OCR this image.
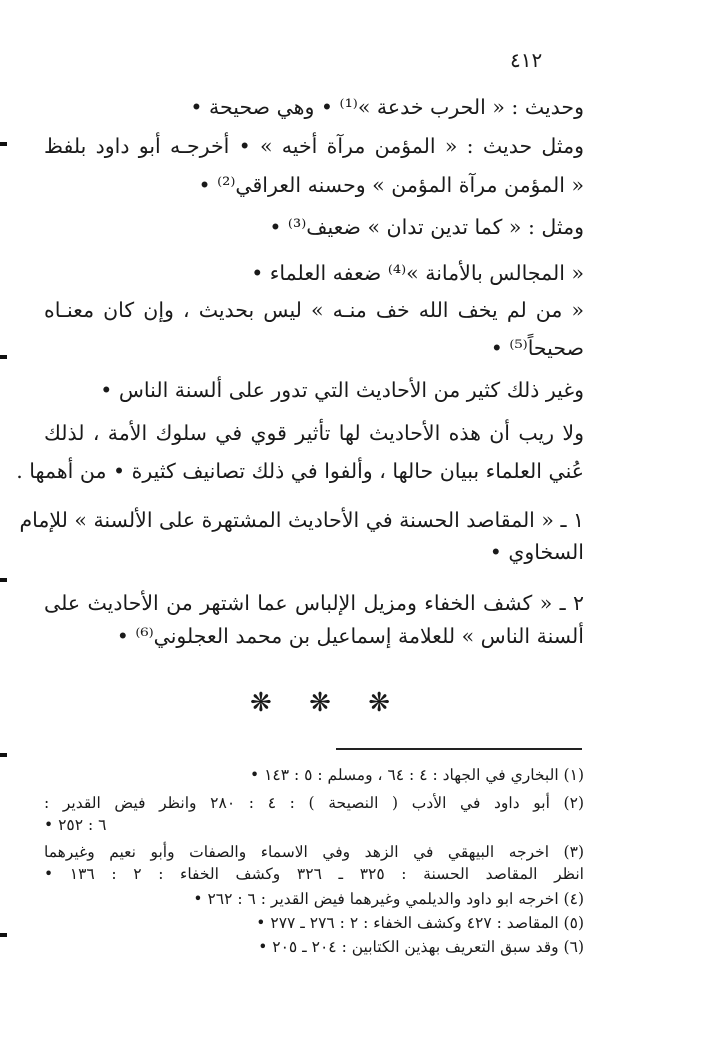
٤١٢
وحديث : « الحرب خدعة »⁽¹⁾ • وهي صحيحة •
ومثل حديث : « المؤمن مرآة أخيه » • أخرجـه أبو داود بلفظ
« المؤمن مرآة المؤمن » وحسنه العراقي⁽²⁾ •
ومثل : « كما تدين تدان » ضعيف⁽³⁾ •
« المجالس بالأمانة »⁽⁴⁾ ضعفه العلماء •
« من لم يخف الله خف منـه » ليس بحديث ، وإن كان معنـاه
صحيحاً⁽⁵⁾ •
وغير ذلك كثير من الأحاديث التي تدور على ألسنة الناس •
ولا ريب أن هذه الأحاديث لها تأثير قوي في سلوك الأمة ، لذلك
عُني العلماء ببيان حالها ، وألفوا في ذلك تصانيف كثيرة • من أهمها .
١ ـ « المقاصد الحسنة في الأحاديث المشتهرة على الألسنة » للإمام
السخاوي •
٢ ـ « كشف الخفاء ومزيل الإلباس عما اشتهر من الأحاديث على
ألسنة الناس » للعلامة إسماعيل بن محمد العجلوني⁽⁶⁾ •
❋ ❋ ❋
(١) البخاري في الجهاد : ٤ : ٦٤ ، ومسلم : ٥ : ١٤٣ •
(٢) أبو داود في الأدب ( النصيحة ) : ٤ : ٢٨٠ وانظر فيض القدير :
٦ : ٢٥٢ •
(٣) اخرجه البيهقي في الزهد وفي الاسماء والصفات وأبو نعيم وغيرهما
انظر المقاصد الحسنة : ٣٢٥ ـ ٣٢٦ وكشف الخفاء : ٢ : ١٣٦ •
(٤) اخرجه ابو داود والديلمي وغيرهما فيض القدير : ٦ : ٢٦٢ •
(٥) المقاصد : ٤٢٧ وكشف الخفاء : ٢ : ٢٧٦ ـ ٢٧٧ •
(٦) وقد سبق التعريف بهذين الكتابين : ٢٠٤ ـ ٢٠٥ •
